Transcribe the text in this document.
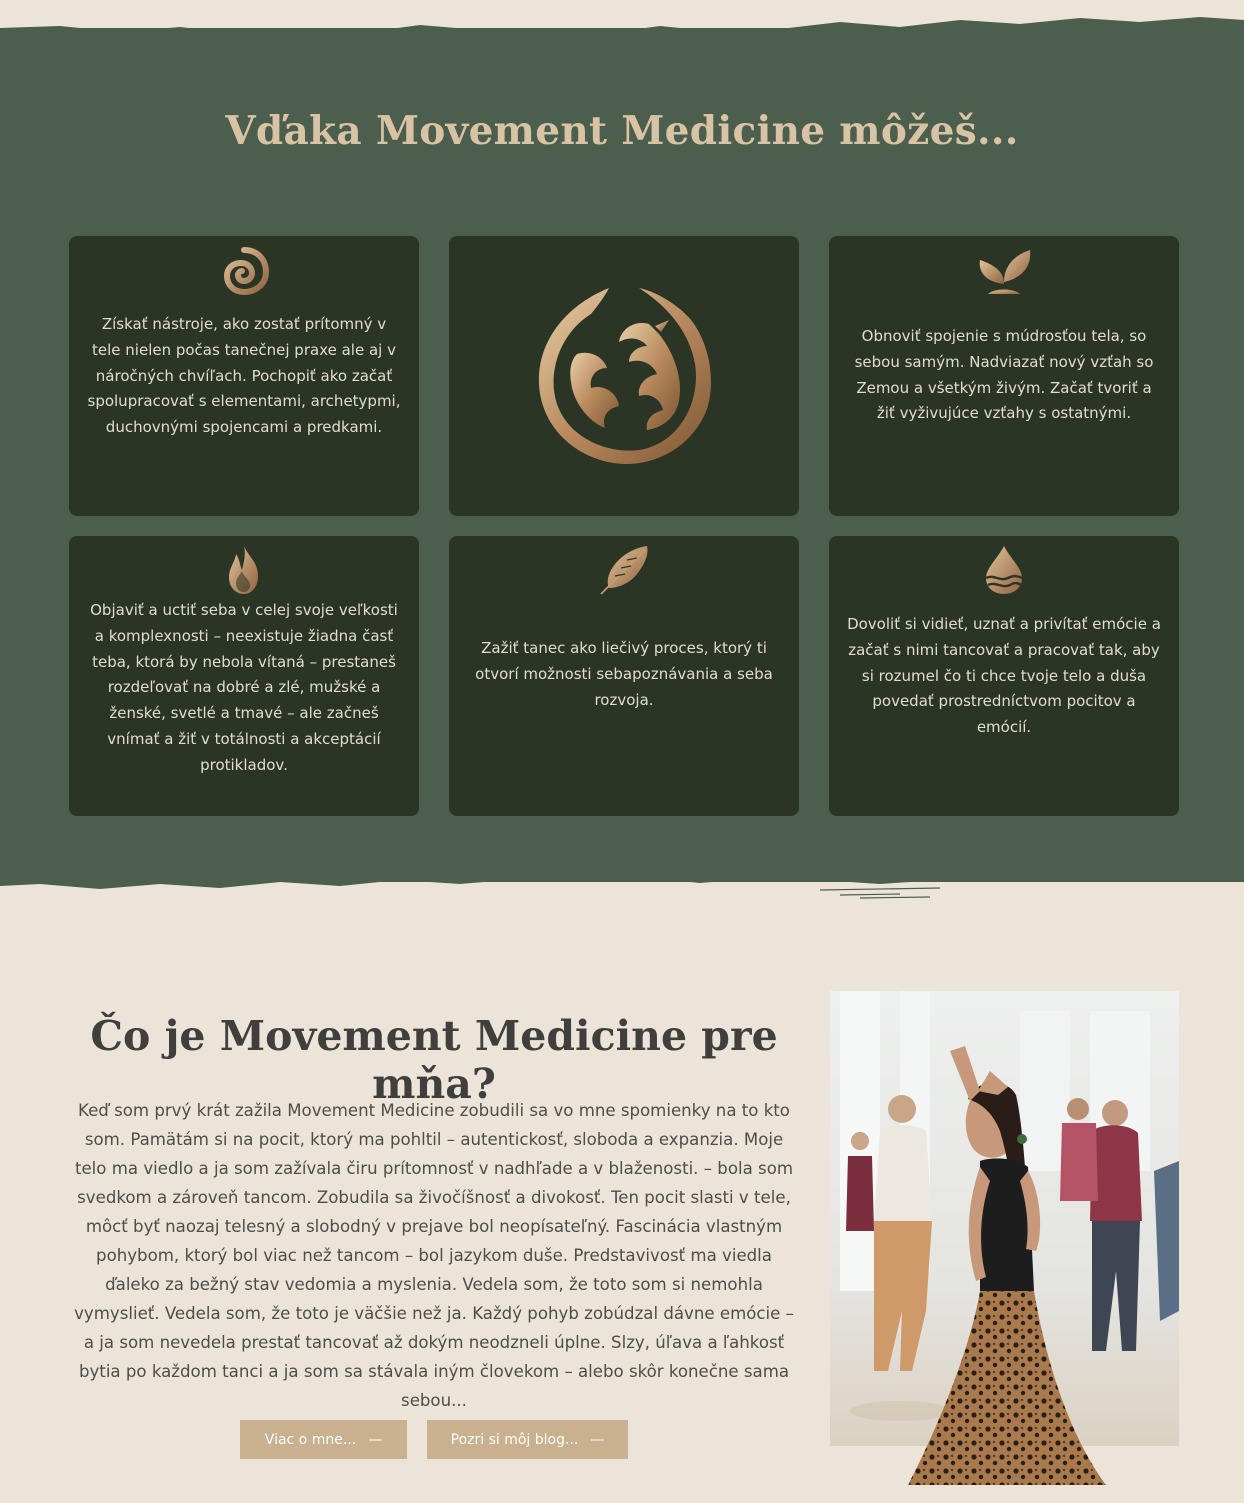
Vďaka Movement Medicine môžeš...

Získať nástroje, ako zostať prítomný v tele nielen počas tanečnej praxe ale aj v náročných chvíľach. Pochopiť ako začať spolupracovať s elementami, archetypmi, duchovnými spojencami a predkami.

Obnoviť spojenie s múdrosťou tela, so sebou samým. Nadviazať nový vzťah so Zemou a všetkým živým. Začať tvoriť a žiť vyživujúce vzťahy s ostatnými.

Objaviť a uctiť seba v celej svoje veľkosti a komplexnosti – neexistuje žiadna časť teba, ktorá by nebola vítaná – prestaneš rozdeľovať na dobré a zlé, mužské a ženské, svetlé a tmavé – ale začneš vnímať a žiť v totálnosti a akceptácií protikladov.

Zažiť tanec ako liečivý proces, ktorý ti otvorí možnosti sebapoznávania a seba rozvoja.

Dovoliť si vidieť, uznať a privítať emócie a začať s nimi tancovať a pracovať tak, aby si rozumel čo ti chce tvoje telo a duša povedať prostredníctvom pocitov a emócií.

Čo je Movement Medicine pre mňa?

Keď som prvý krát zažila Movement Medicine zobudili sa vo mne spomienky na to kto som. Pamätám si na pocit, ktorý ma pohltil – autentickosť, sloboda a expanzia. Moje telo ma viedlo a ja som zažívala čiru prítomnosť v nadhľade a v blaženosti. – bola som svedkom a zároveň tancom. Zobudila sa živočíšnosť a divokosť. Ten pocit slasti v tele, môcť byť naozaj telesný a slobodný v prejave bol neopísateľný. Fascinácia vlastným pohybom, ktorý bol viac než tancom – bol jazykom duše. Predstavivosť ma viedla ďaleko za bežný stav vedomia a myslenia. Vedela som, že toto som si nemohla vymyslieť. Vedela som, že toto je väčšie než ja. Každý pohyb zobúdzal dávne emócie – a ja som nevedela prestať tancovať až dokým neodzneli úplne. Slzy, úľava a ľahkosť bytia po každom tanci a ja som sa stávala iným človekom – alebo skôr konečne sama sebou...

Viac o mne... —	Pozri si môj blog... —
